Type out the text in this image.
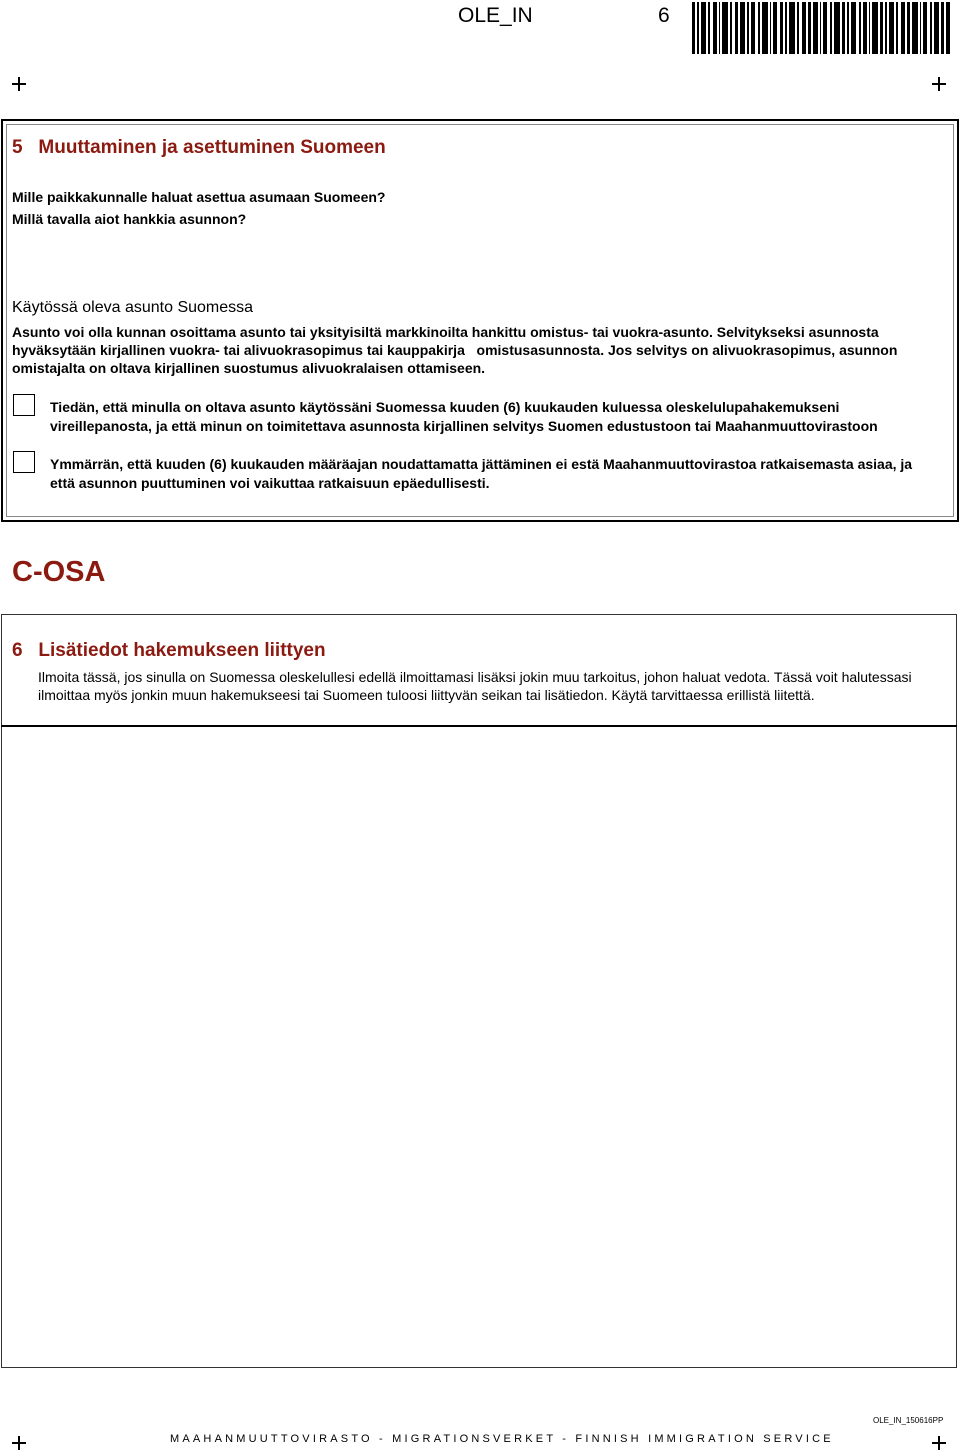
OLE_IN	6
5   Muuttaminen ja asettuminen Suomeen
Mille paikkakunnalle haluat asettua asumaan Suomeen?
Millä tavalla aiot hankkia asunnon?
Käytössä oleva asunto Suomessa
Asunto voi olla kunnan osoittama asunto tai yksityisiltä markkinoilta hankittu omistus- tai vuokra-asunto. Selvitykseksi asunnosta hyväksytään kirjallinen vuokra- tai alivuokrasopimus tai kauppakirja   omistusasunnosta. Jos selvitys on alivuokrasopimus, asunnon omistajalta on oltava kirjallinen suostumus alivuokralaisen ottamiseen.
Tiedän, että minulla on oltava asunto käytössäni Suomessa kuuden (6) kuukauden kuluessa oleskelulupahakemukseni vireillepanosta, ja että minun on toimitettava asunnosta kirjallinen selvitys Suomen edustustoon tai Maahanmuuttovirastoon
Ymmärrän, että kuuden (6) kuukauden määräajan noudattamatta jättäminen ei estä Maahanmuuttovirastoa ratkaisemasta asiaa, ja että asunnon puuttuminen voi vaikuttaa ratkaisuun epäedullisesti.
C-OSA
6   Lisätiedot hakemukseen liittyen
Ilmoita tässä, jos sinulla on Suomessa oleskelullesi edellä ilmoittamasi lisäksi jokin muu tarkoitus, johon haluat vedota. Tässä voit halutessasi ilmoittaa myös jonkin muun hakemukseesi tai Suomeen tuloosi liittyvän seikan tai lisätiedon. Käytä tarvittaessa erillistä liitettä.
OLE_IN_150616PP
MAAHANMUUTTOVIRASTO - MIGRATIONSVERKET - FINNISH IMMIGRATION SERVICE
